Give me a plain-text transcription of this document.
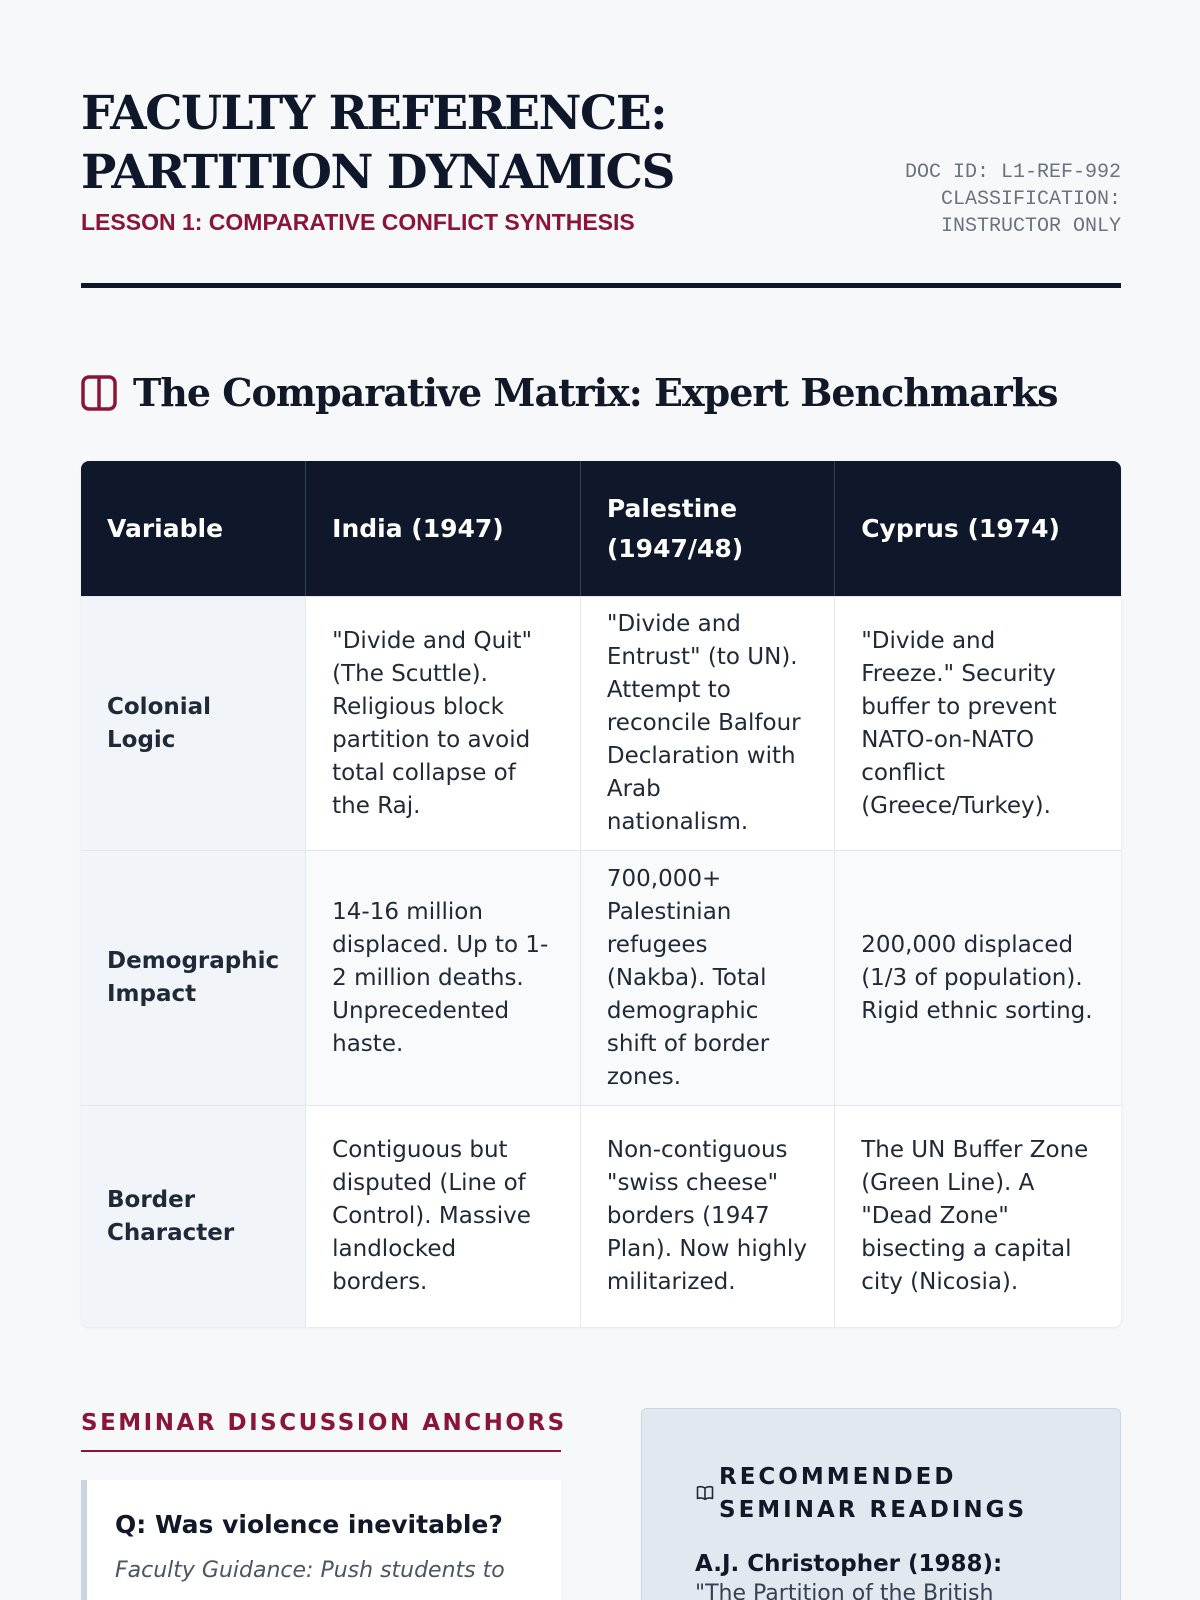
FACULTY REFERENCE:
PARTITION DYNAMICS
LESSON 1: COMPARATIVE CONFLICT SYNTHESIS
DOC ID: L1-REF-992
CLASSIFICATION:
INSTRUCTOR ONLY
The Comparative Matrix: Expert Benchmarks
Variable	India (1947)	Palestine (1947/48)	Cyprus (1974)
Colonial Logic	"Divide and Quit" (The Scuttle). Religious block partition to avoid total collapse of the Raj.	"Divide and Entrust" (to UN). Attempt to reconcile Balfour Declaration with Arab nationalism.	"Divide and Freeze." Security buffer to prevent NATO-on-NATO conflict (Greece/Turkey).
Demographic Impact	14-16 million displaced. Up to 1-2 million deaths. Unprecedented haste.	700,000+ Palestinian refugees (Nakba). Total demographic shift of border zones.	200,000 displaced (1/3 of population). Rigid ethnic sorting.
Border Character	Contiguous but disputed (Line of Control). Massive landlocked borders.	Non-contiguous "swiss cheese" borders (1947 Plan). Now highly militarized.	The UN Buffer Zone (Green Line). A "Dead Zone" bisecting a capital city (Nicosia).
SEMINAR DISCUSSION ANCHORS
Q: Was violence inevitable?
Faculty Guidance: Push students to
RECOMMENDED SEMINAR READINGS
A.J. Christopher (1988):
"The Partition of the British
